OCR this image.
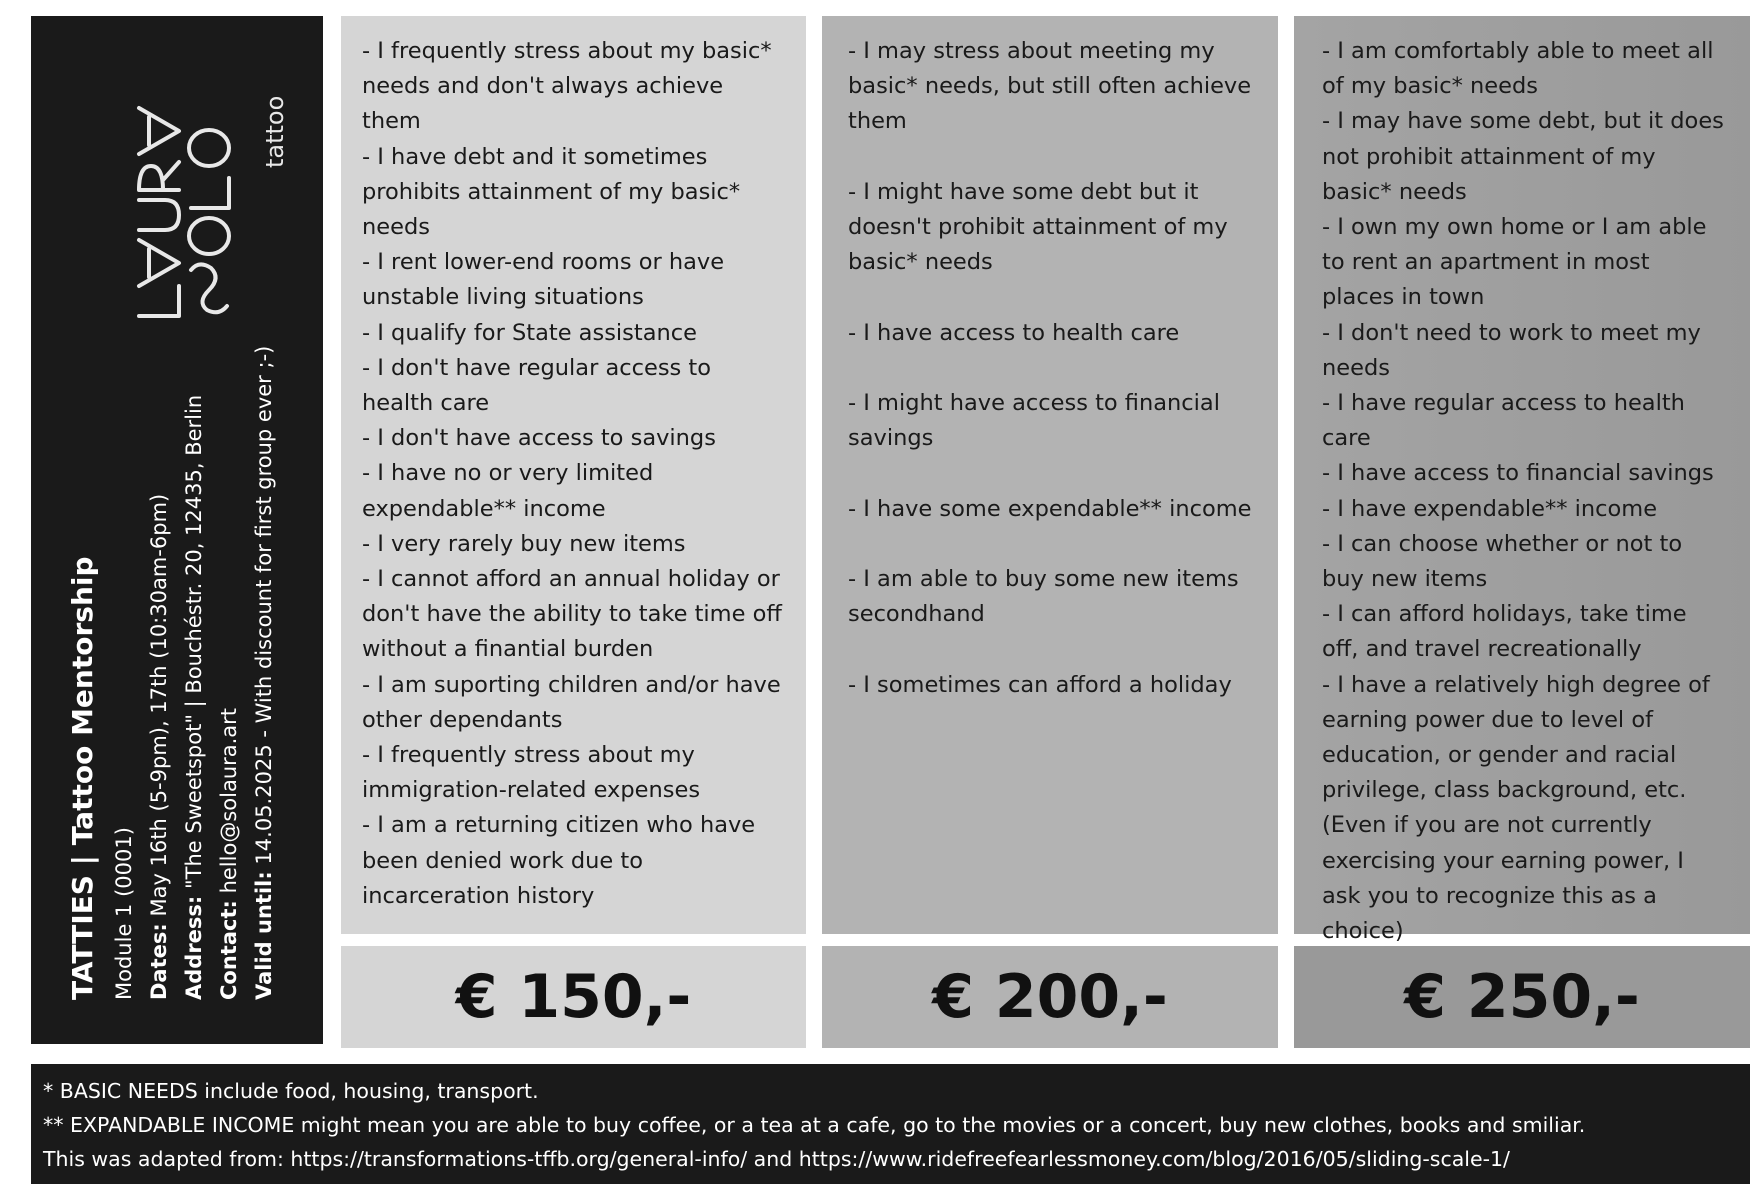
tattoo
TATTIES | Tattoo Mentorship Module 1 (0001) Dates: May 16th (5-9pm), 17th (10:30am-6pm)
Address: "The Sweetspot" | Bouchéstr. 20, 12435, Berlin
Contact: hello@solaura.art
Valid until: 14.05.2025 - With discount for first group ever ;-)

- I frequently stress about my basic* needs and don't always achieve them

- I have debt and it sometimes prohibits attainment of my basic* needs

- I rent lower-end rooms or have unstable living situations

- I qualify for State assistance

- I don't have regular access to health care

- I don't have access to savings

- I have no or very limited expendable** income

- I very rarely buy new items

- I cannot afford an annual holiday or don't have the ability to take time off without a finantial burden

- I am suporting children and/or have other dependants

- I frequently stress about my immigration-related expenses

- I am a returning citizen who have been denied work due to incarceration history

- I may stress about meeting my basic* needs, but still often achieve them

- I might have some debt but it doesn't prohibit attainment of my basic* needs

- I have access to health care

- I might have access to financial savings

- I have some expendable** income

- I am able to buy some new items secondhand

- I sometimes can afford a holiday

- I am comfortably able to meet all of my basic* needs

- I may have some debt, but it does not prohibit attainment of my basic* needs

- I own my own home or I am able to rent an apartment in most places in town

- I don't need to work to meet my needs

- I have regular access to health care

- I have access to financial savings

- I have expendable** income

- I can choose whether or not to buy new items

- I can afford holidays, take time off, and travel recreationally

- I have a relatively high degree of earning power due to level of education, or gender and racial privilege, class background, etc. (Even if you are not currently exercising your earning power, I ask you to recognize this as a choice)

€ 150,-	€ 200,-	€ 250,-
* BASIC NEEDS include food, housing, transport.
** EXPANDABLE INCOME might mean you are able to buy coffee, or a tea at a cafe, go to the movies or a concert, buy new clothes, books and smiliar.
This was adapted from: https://transformations-tffb.org/general-info/ and https://www.ridefreefearlessmoney.com/blog/2016/05/sliding-scale-1/
